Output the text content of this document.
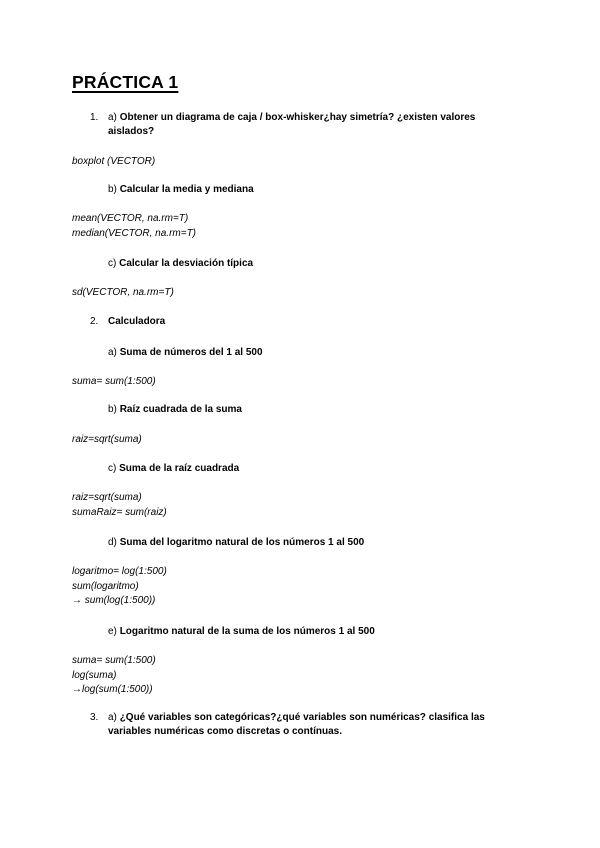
PRÁCTICA 1
1. a) Obtener un diagrama de caja / box-whisker¿hay simetría? ¿existen valores
aislados?
boxplot (VECTOR)
b) Calcular la media y mediana
mean(VECTOR, na.rm=T)
median(VECTOR, na.rm=T)
c) Calcular la desviación típica
sd(VECTOR, na.rm=T)
2. Calculadora
a) Suma de números del 1 al 500
suma= sum(1:500)
b) Raíz cuadrada de la suma
raiz=sqrt(suma)
c) Suma de la raíz cuadrada
raiz=sqrt(suma)
sumaRaiz= sum(raiz)
d) Suma del logaritmo natural de los números 1 al 500
logaritmo= log(1:500)
sum(logaritmo)
→ sum(log(1:500))
e) Logaritmo natural de la suma de los números 1 al 500
suma= sum(1:500)
log(suma)
→log(sum(1:500))
3. a) ¿Qué variables son categóricas?¿qué variables son numéricas? clasifica las
variables numéricas como discretas o contínuas.
